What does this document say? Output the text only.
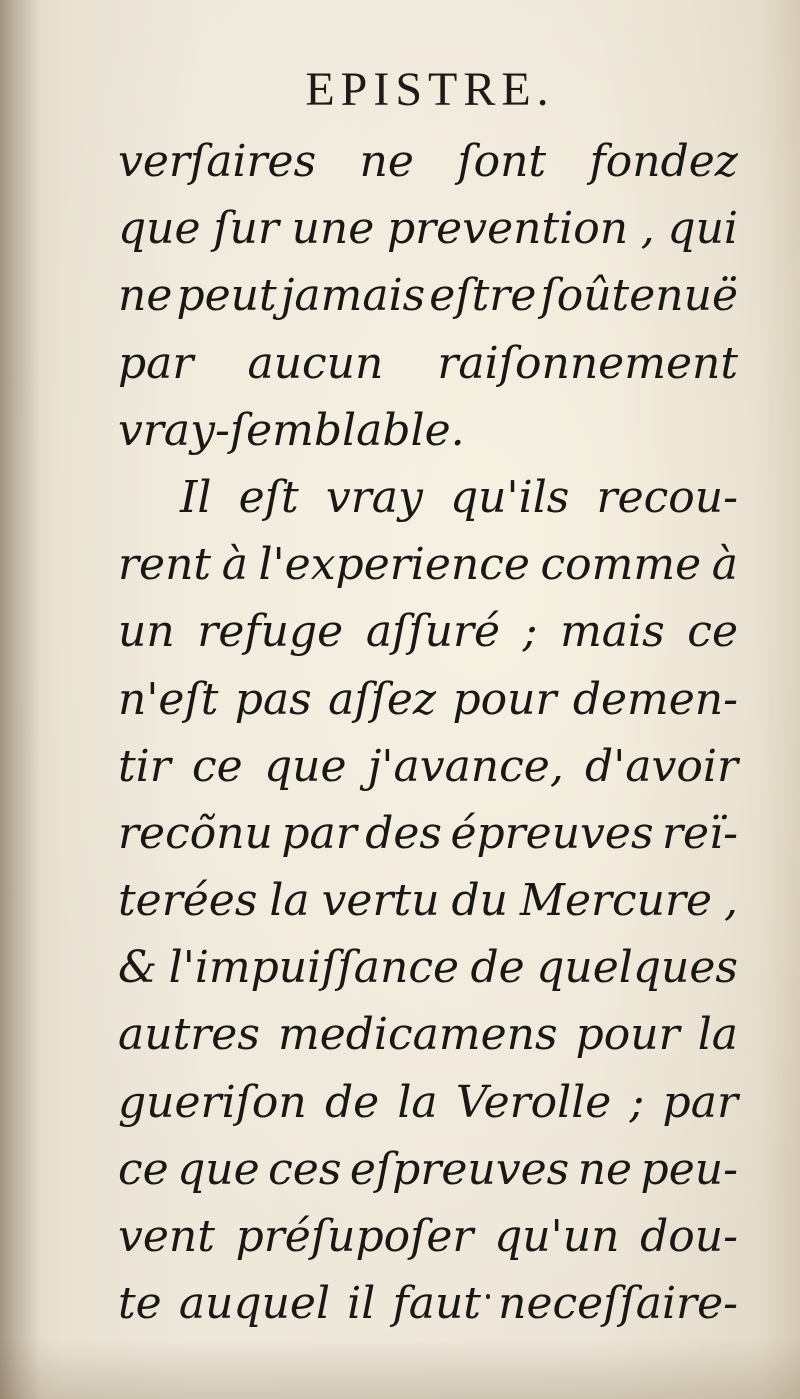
EPISTRE.
verſaires ne ſont fondez
que ſur une prevention , qui
ne peut jamais eſtre ſoûtenuë
par aucun raiſonnement
vray-ſemblable.
Il eſt vray qu'ils recou-
rent à l'experience comme à
un refuge aſſuré ; mais ce
n'eſt pas aſſez pour demen-
tir ce que j'avance, d'avoir
recõnu par des épreuves reï-
terées la vertu du Mercure ,
& l'impuiſſance de quelques
autres medicamens pour la
gueriſon de la Verolle ; par
ce que ces eſpreuves ne peu-
vent préſupoſer qu'un dou-
te auquel il faut neceſſaire-
